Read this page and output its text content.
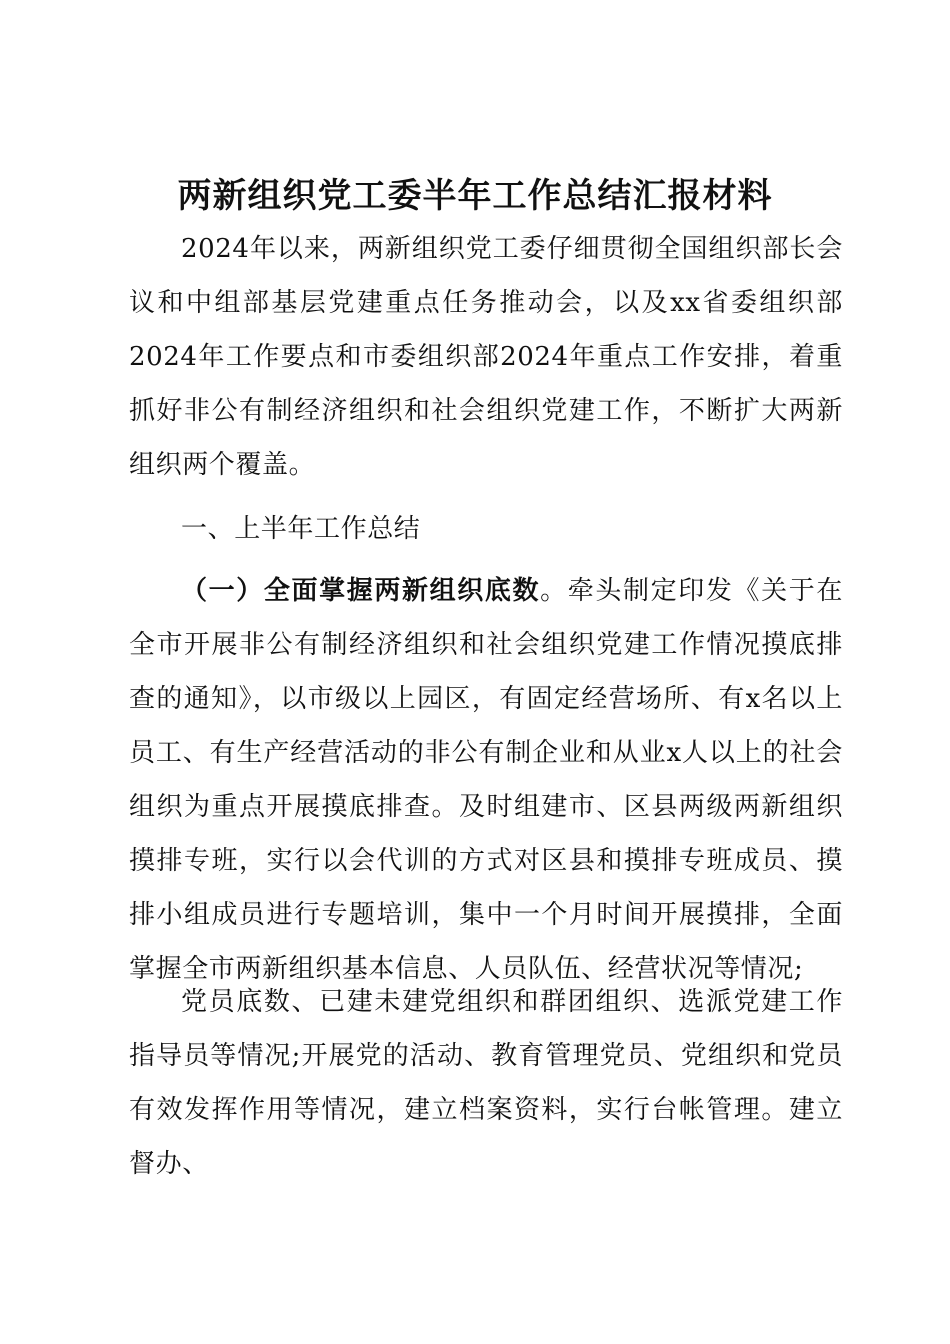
两新组织党工委半年工作总结汇报材料

2024年以来，两新组织党工委仔细贯彻全国组织部长会议和中组部基层党建重点任务推动会，以及xx省委组织部2024年工作要点和市委组织部2024年重点工作安排，着重抓好非公有制经济组织和社会组织党建工作，不断扩大两新组织两个覆盖。

一、上半年工作总结

（一）全面掌握两新组织底数。牵头制定印发《关于在全市开展非公有制经济组织和社会组织党建工作情况摸底排查的通知》，以市级以上园区，有固定经营场所、有x名以上员工、有生产经营活动的非公有制企业和从业x人以上的社会组织为重点开展摸底排查。及时组建市、区县两级两新组织摸排专班，实行以会代训的方式对区县和摸排专班成员、摸排小组成员进行专题培训，集中一个月时间开展摸排，全面掌握全市两新组织基本信息、人员队伍、经营状况等情况;

党员底数、已建未建党组织和群团组织、选派党建工作指导员等情况;开展党的活动、教育管理党员、党组织和党员有效发挥作用等情况，建立档案资料，实行台帐管理。建立督办、
